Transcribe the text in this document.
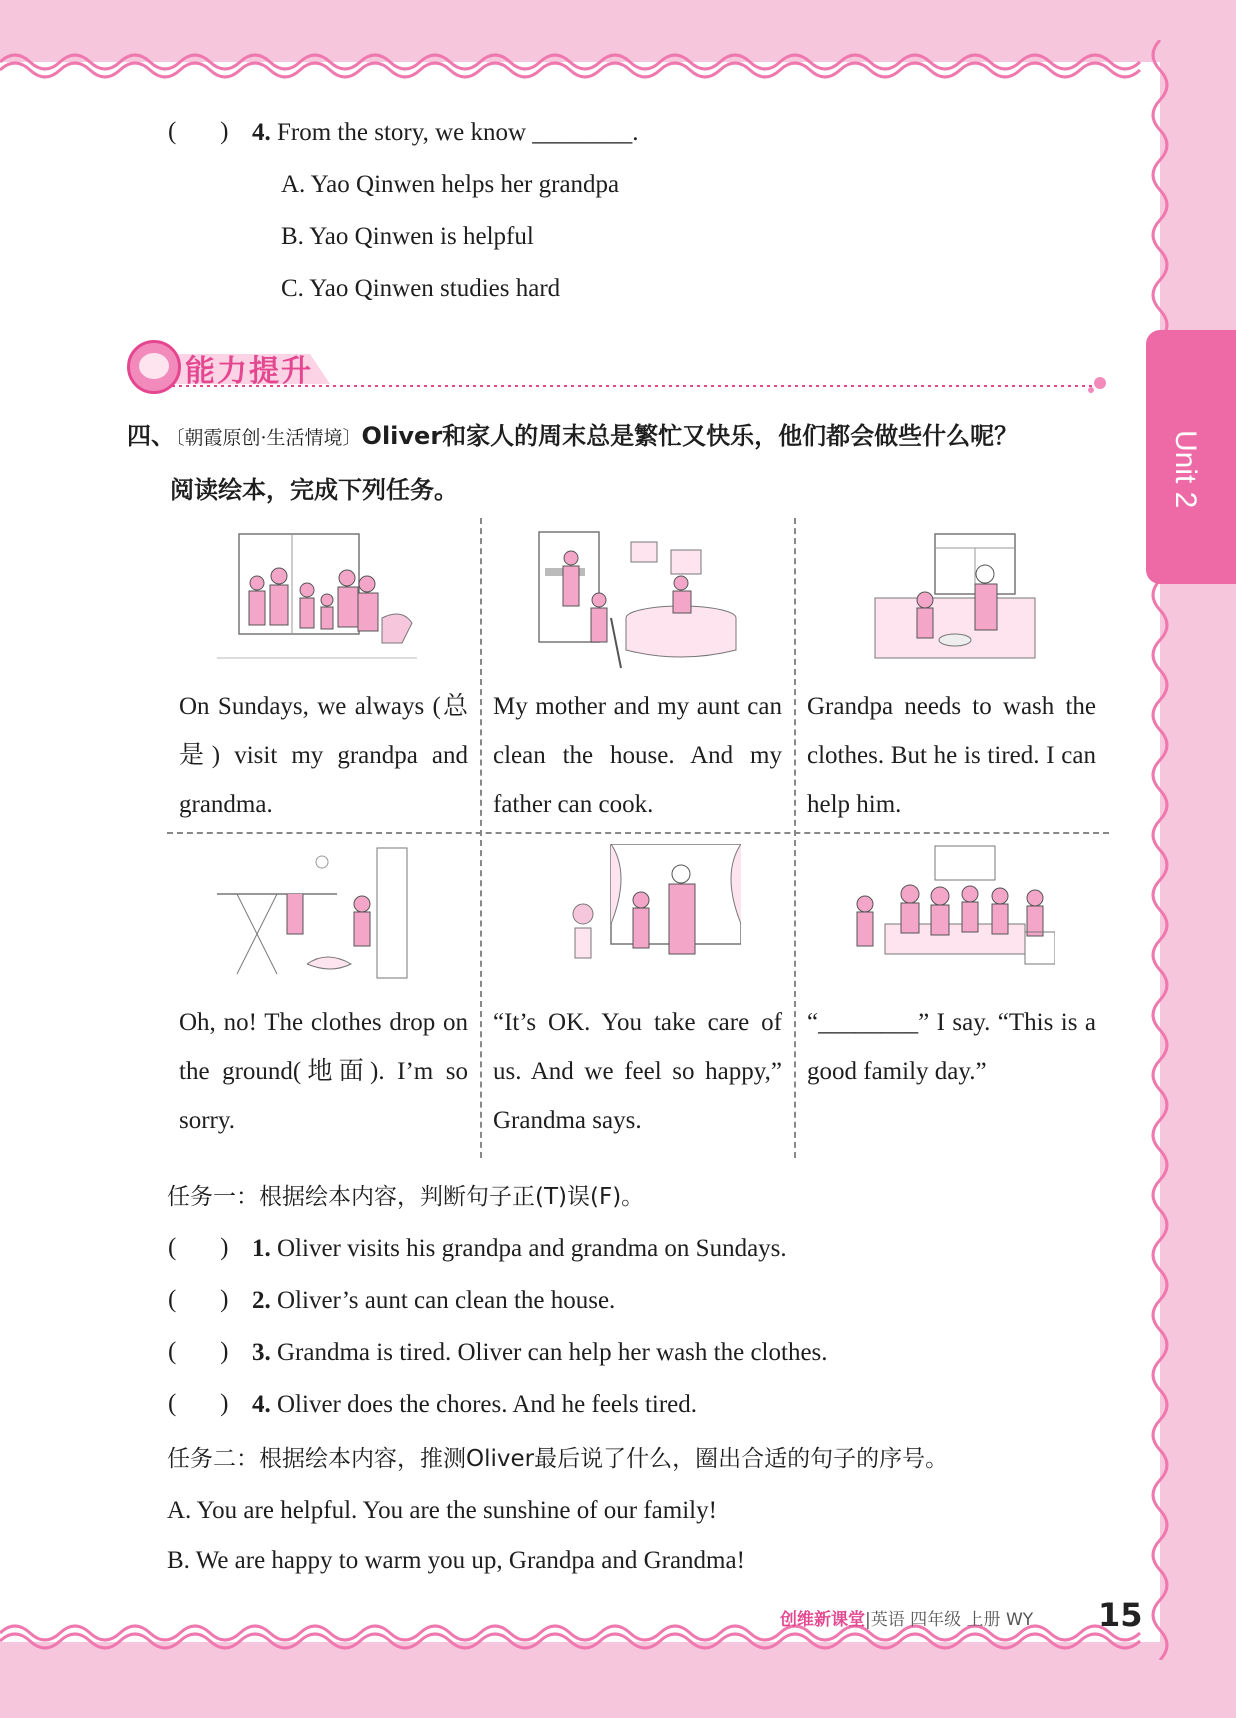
Unit 2
(       ) 4. From the story, we know ________.
A. Yao Qinwen helps her grandpa
B. Yao Qinwen is helpful
C. Yao Qinwen studies hard
能力提升
四、〔朝霞原创·生活情境〕Oliver和家人的周末总是繁忙又快乐，他们都会做些什么呢？
阅读绘本，完成下列任务。
On Sundays, we always (总是) visit my grandpa and grandma.
My mother and my aunt can clean the house. And my father can cook.
Grandpa needs to wash the clothes. But he is tired. I can help him.
Oh, no! The clothes drop on the ground(地面). I’m so sorry.
“It’s OK. You take care of us. And we feel so happy,” Grandma says.
“________” I say. “This is a good family day.”
任务一：根据绘本内容，判断句子正(T)误(F)。
(       ) 1. Oliver visits his grandpa and grandma on Sundays.
(       ) 2. Oliver’s aunt can clean the house.
(       ) 3. Grandma is tired. Oliver can help her wash the clothes.
(       ) 4. Oliver does the chores. And he feels tired.
任务二：根据绘本内容，推测Oliver最后说了什么，圈出合适的句子的序号。
A. You are helpful. You are the sunshine of our family!
B. We are happy to warm you up, Grandpa and Grandma!
创维新课堂|英语 四年级 上册 WY 15
